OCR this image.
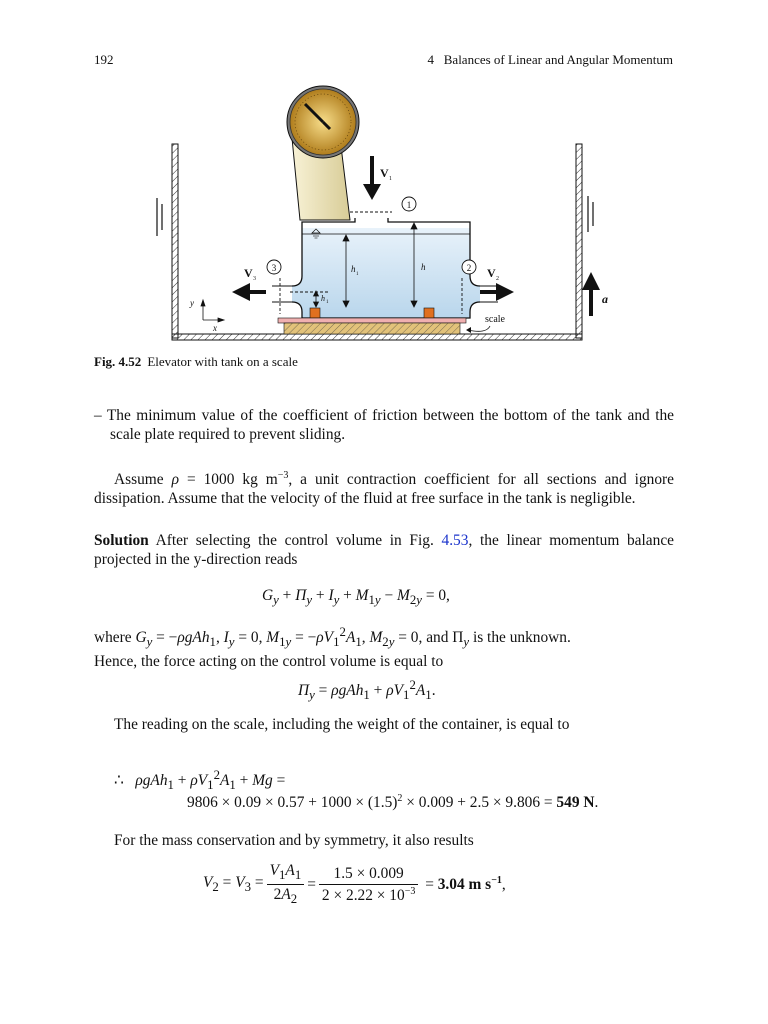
192	4   Balances of Linear and Angular Momentum
1
3	2
V 1
V 3	V 2
h
1
h
h 1	a
y
x
scale
Fig. 4.52 Elevator with tank on a scale
– The minimum value of the coefficient of friction between the bottom of the tank and the scale plate required to prevent sliding.
Assume ρ = 1000 kg $m^{-3}$, a unit contraction coefficient for all sections and ignore dissipation. Assume that the velocity of the fluid at free surface in the tank is negligible.
Solution After selecting the control volume in Fig. 4.53, the linear momentum balance projected in the y-direction reads
$G_y + \Pi_y + I_y + M_{1y} - M_{2y} = 0$,
where $G_y = -\rho gAh_1$, $I_y = 0$, $M_{1y} = -\rho V_1^2A_1$, $M_{2y} = 0$, and $\Pi_y$ is the unknown.
Hence, the force acting on the control volume is equal to
$\Pi_y = \rho gAh_1 + \rho V_1^2A_1$.
The reading on the scale, including the weight of the container, is equal to
∴   $\rho gAh_1 + \rho V_1^2A_1 + Mg$ =
$9806 \times 0.09 \times 0.57 + 1000 \times (1.5)^2 \times 0.009 + 2.5 \times 9.806 = 549$ N.
For the mass conservation and by symmetry, it also results
$V_2 = V_3 = \frac{V_1A_1}{2A_2} = \frac{1.5 \times 0.009}{2 \times 2.22 \times 10^{-3}} = 3.04$ m $s^{-1}$,
